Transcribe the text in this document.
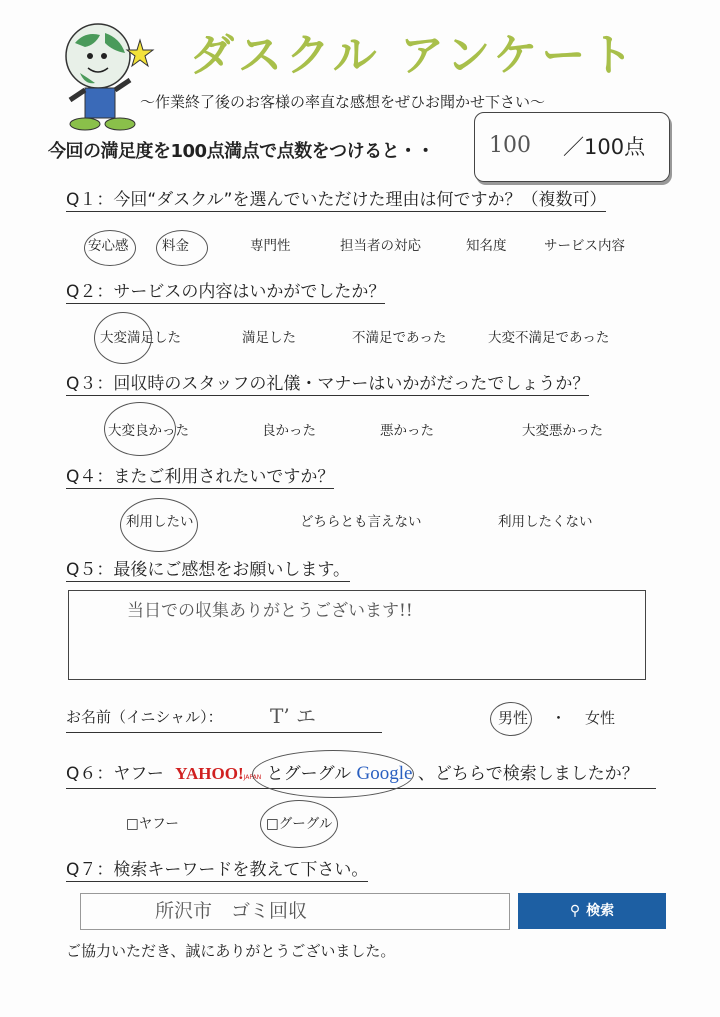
ダスクル アンケート
～作業終了後のお客様の率直な感想をぜひお聞かせ下さい～
今回の満足度を100点満点で点数をつけると・・ 100 ／100点
Q１：今回“ダスクル”を選んでいただけた理由は何ですか？（複数可）
安心感 料金	専門性	担当者の対応	知名度	サービス内容
Q２：サービスの内容はいかがでしたか？
大変満足した	満足した	不満足であった	大変不満足であった
Q３：回収時のスタッフの礼儀・マナーはいかがだったでしょうか？
大変良かった	良かった	悪かった	大変悪かった
Q４：またご利用されたいですか？
利用したい	どちらとも言えない	利用したくない
Q５：最後にご感想をお願いします。
当日での収集ありがとうございます!!
お名前（イニシャル）： T’ エ	男性 ・ 女性
Q６：ヤフー YAHOO!JAPAN とグーグル Google 、どちらで検索しましたか？
□ヤフー	□グーグル
Q７：検索キーワードを教えて下さい。
所沢市　ゴミ回収	⚲ 検索
ご協力いただき、誠にありがとうございました。
